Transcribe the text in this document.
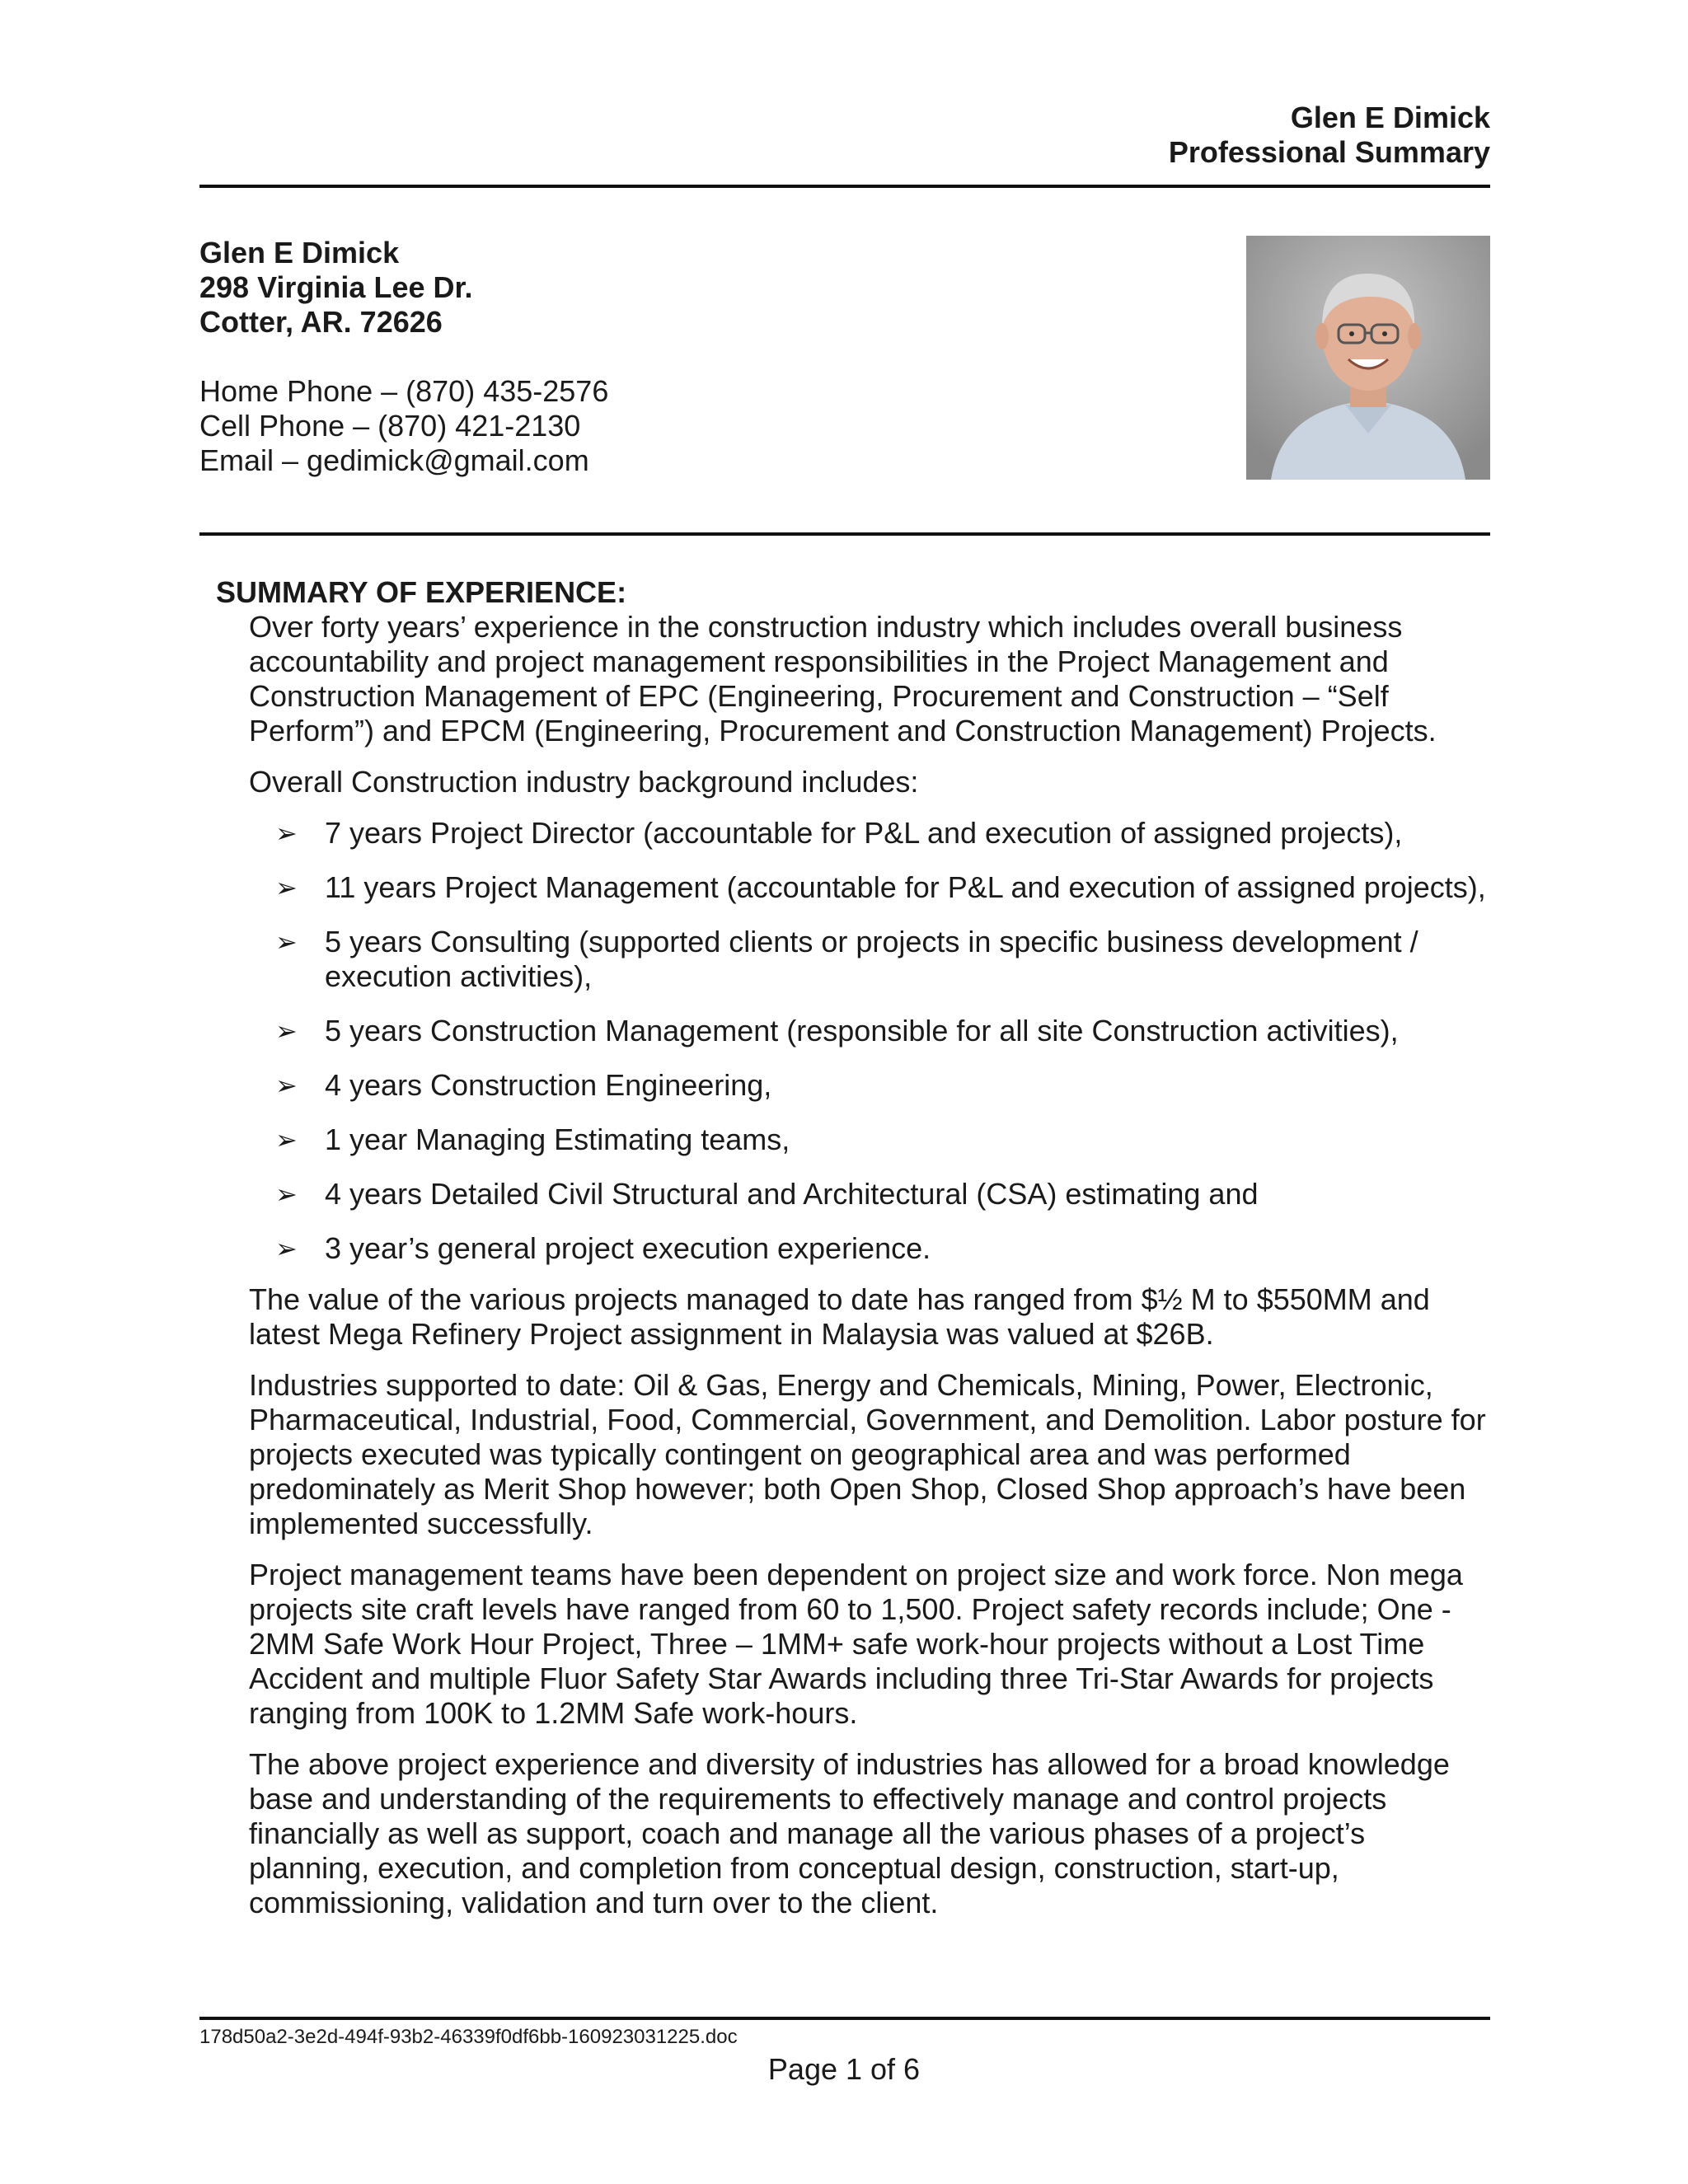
Glen E Dimick
Professional Summary
Glen E Dimick
298 Virginia Lee Dr.
Cotter, AR. 72626
Home Phone – (870) 435-2576
Cell Phone – (870) 421-2130
Email – gedimick@gmail.com
SUMMARY OF EXPERIENCE:

Over forty years’ experience in the construction industry which includes overall business accountability and project management responsibilities in the Project Management and Construction Management of EPC (Engineering, Procurement and Construction – “Self Perform”) and EPCM (Engineering, Procurement and Construction Management) Projects.

Overall Construction industry background includes:

➢ 7 years Project Director (accountable for P&L and execution of assigned projects),
➢ 11 years Project Management (accountable for P&L and execution of assigned projects),
➢ 5 years Consulting (supported clients or projects in specific business development / execution activities),
➢ 5 years Construction Management (responsible for all site Construction activities),
➢ 4 years Construction Engineering,
➢ 1 year Managing Estimating teams,
➢ 4 years Detailed Civil Structural and Architectural (CSA) estimating and
➢ 3 year’s general project execution experience.

The value of the various projects managed to date has ranged from $½ M to $550MM and latest Mega Refinery Project assignment in Malaysia was valued at $26B.

Industries supported to date: Oil & Gas, Energy and Chemicals, Mining, Power, Electronic, Pharmaceutical, Industrial, Food, Commercial, Government, and Demolition. Labor posture for projects executed was typically contingent on geographical area and was performed predominately as Merit Shop however; both Open Shop, Closed Shop approach’s have been implemented successfully.

Project management teams have been dependent on project size and work force. Non mega projects site craft levels have ranged from 60 to 1,500. Project safety records include; One - 2MM Safe Work Hour Project, Three – 1MM+ safe work-hour projects without a Lost Time Accident and multiple Fluor Safety Star Awards including three Tri-Star Awards for projects ranging from 100K to 1.2MM Safe work-hours.

The above project experience and diversity of industries has allowed for a broad knowledge base and understanding of the requirements to effectively manage and control projects financially as well as support, coach and manage all the various phases of a project’s planning, execution, and completion from conceptual design, construction, start-up, commissioning, validation and turn over to the client.

178d50a2-3e2d-494f-93b2-46339f0df6bb-160923031225.doc
Page 1 of 6
